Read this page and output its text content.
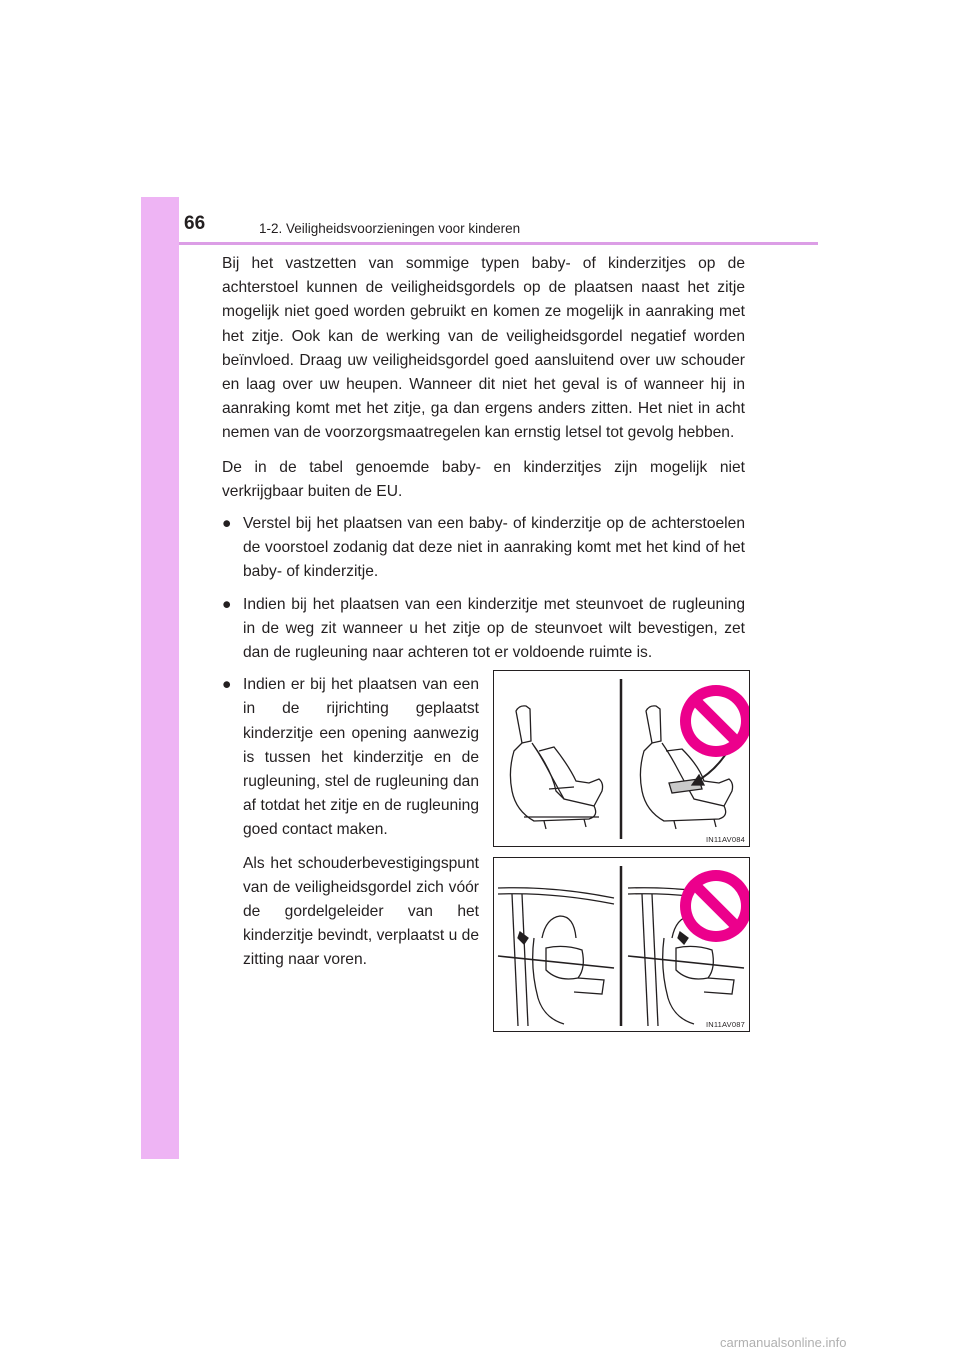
66	1-2. Veiligheidsvoorzieningen voor kinderen

Bij het vastzetten van sommige typen baby- of kinderzitjes op de achterstoel kunnen de veiligheidsgordels op de plaatsen naast het zitje mogelijk niet goed worden gebruikt en komen ze mogelijk in aanraking met het zitje. Ook kan de werking van de veiligheidsgordel negatief worden beïnvloed. Draag uw veiligheidsgordel goed aansluitend over uw schouder en laag over uw heupen. Wanneer dit niet het geval is of wanneer hij in aanraking komt met het zitje, ga dan ergens anders zitten. Het niet in acht nemen van de voorzorgsmaatregelen kan ernstig letsel tot gevolg hebben.

De in de tabel genoemde baby- en kinderzitjes zijn mogelijk niet verkrijgbaar buiten de EU.

● Verstel bij het plaatsen van een baby- of kinderzitje op de achterstoelen de voorstoel zodanig dat deze niet in aanraking komt met het kind of het baby- of kinderzitje.

● Indien bij het plaatsen van een kinderzitje met steunvoet de rugleuning in de weg zit wanneer u het zitje op de steunvoet wilt bevestigen, zet dan de rugleuning naar achteren tot er voldoende ruimte is.

● Indien er bij het plaatsen van een in de rijrichting geplaatst kinderzitje een opening aanwezig is tussen het kinderzitje en de rugleuning, stel de rugleuning dan af totdat het zitje en de rugleuning goed contact maken.

Als het schouderbevestigingspunt van de veiligheidsgordel zich vóór de gordelgeleider van het kinderzitje bevindt, verplaatst u de zitting naar voren.

IN11AV084
IN11AV087
carmanualsonline.info
